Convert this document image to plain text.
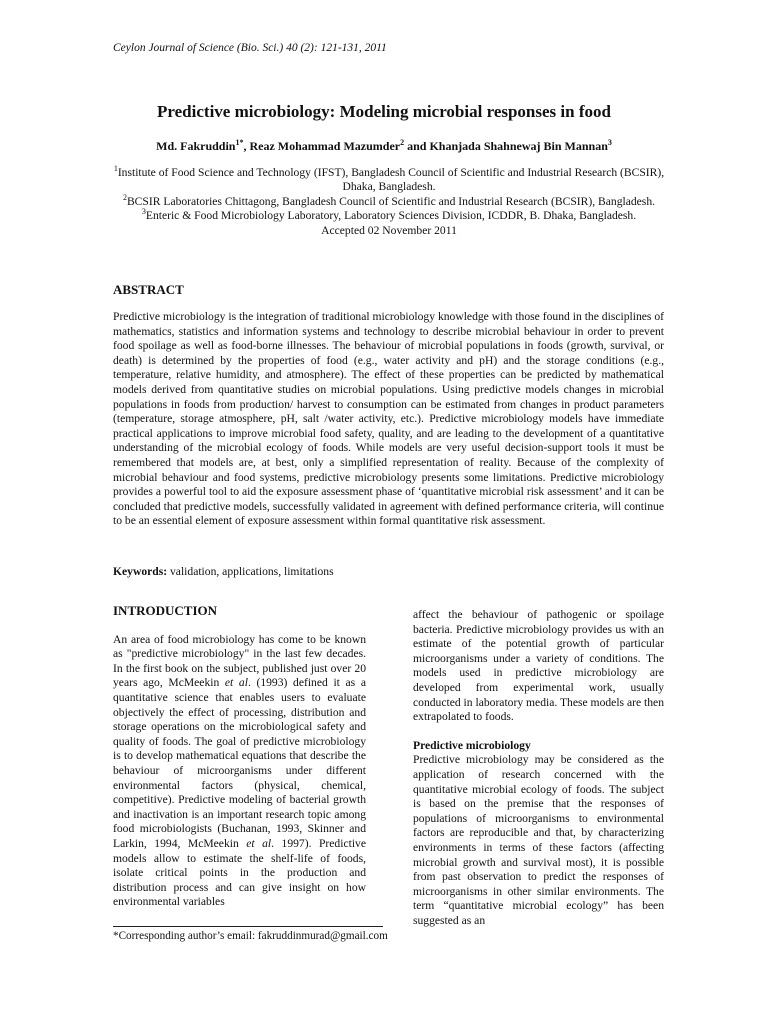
Ceylon Journal of Science (Bio. Sci.) 40 (2): 121-131, 2011
Predictive microbiology: Modeling microbial responses in food
Md. Fakruddin$^{1*}$, Reaz Mohammad Mazumder$^2$ and Khanjada Shahnewaj Bin Mannan$^3$
$^1$Institute of Food Science and Technology (IFST), Bangladesh Council of Scientific and Industrial Research (BCSIR), Dhaka, Bangladesh.
$^2$BCSIR Laboratories Chittagong, Bangladesh Council of Scientific and Industrial Research (BCSIR), Bangladesh.
$^3$Enteric & Food Microbiology Laboratory, Laboratory Sciences Division, ICDDR, B. Dhaka, Bangladesh.
Accepted 02 November 2011
ABSTRACT

Predictive microbiology is the integration of traditional microbiology knowledge with those found in the disciplines of mathematics, statistics and information systems and technology to describe microbial behaviour in order to prevent food spoilage as well as food-borne illnesses. The behaviour of microbial populations in foods (growth, survival, or death) is determined by the properties of food (e.g., water activity and pH) and the storage conditions (e.g., temperature, relative humidity, and atmosphere). The effect of these properties can be predicted by mathematical models derived from quantitative studies on microbial populations. Using predictive models changes in microbial populations in foods from production/ harvest to consumption can be estimated from changes in product parameters (temperature, storage atmosphere, pH, salt /water activity, etc.). Predictive microbiology models have immediate practical applications to improve microbial food safety, quality, and are leading to the development of a quantitative understanding of the microbial ecology of foods. While models are very useful decision-support tools it must be remembered that models are, at best, only a simplified representation of reality. Because of the complexity of microbial behaviour and food systems, predictive microbiology presents some limitations. Predictive microbiology provides a powerful tool to aid the exposure assessment phase of ‘quantitative microbial risk assessment’ and it can be concluded that predictive models, successfully validated in agreement with defined performance criteria, will continue to be an essential element of exposure assessment within formal quantitative risk assessment.

Keywords: validation, applications, limitations
INTRODUCTION

An area of food microbiology has come to be known as "predictive microbiology" in the last few decades. In the first book on the subject, published just over 20 years ago, McMeekin et al. (1993) defined it as a quantitative science that enables users to evaluate objectively the effect of processing, distribution and storage operations on the microbiological safety and quality of foods. The goal of predictive microbiology is to develop mathematical equations that describe the behaviour of microorganisms under different environmental factors (physical, chemical, competitive). Predictive modeling of bacterial growth and inactivation is an important research topic among food microbiologists (Buchanan, 1993, Skinner and Larkin, 1994, McMeekin et al. 1997). Predictive models allow to estimate the shelf-life of foods, isolate critical points in the production and distribution process and can give insight on how environmental variables

affect the behaviour of pathogenic or spoilage bacteria. Predictive microbiology provides us with an estimate of the potential growth of particular microorganisms under a variety of conditions. The models used in predictive microbiology are developed from experimental work, usually conducted in laboratory media. These models are then extrapolated to foods.

Predictive microbiology

Predictive microbiology may be considered as the application of research concerned with the quantitative microbial ecology of foods. The subject is based on the premise that the responses of populations of microorganisms to environmental factors are reproducible and that, by characterizing environments in terms of these factors (affecting microbial growth and survival most), it is possible from past observation to predict the responses of microorganisms in other similar environments. The term “quantitative microbial ecology” has been suggested as an

*Corresponding author’s email: fakruddinmurad@gmail.com
